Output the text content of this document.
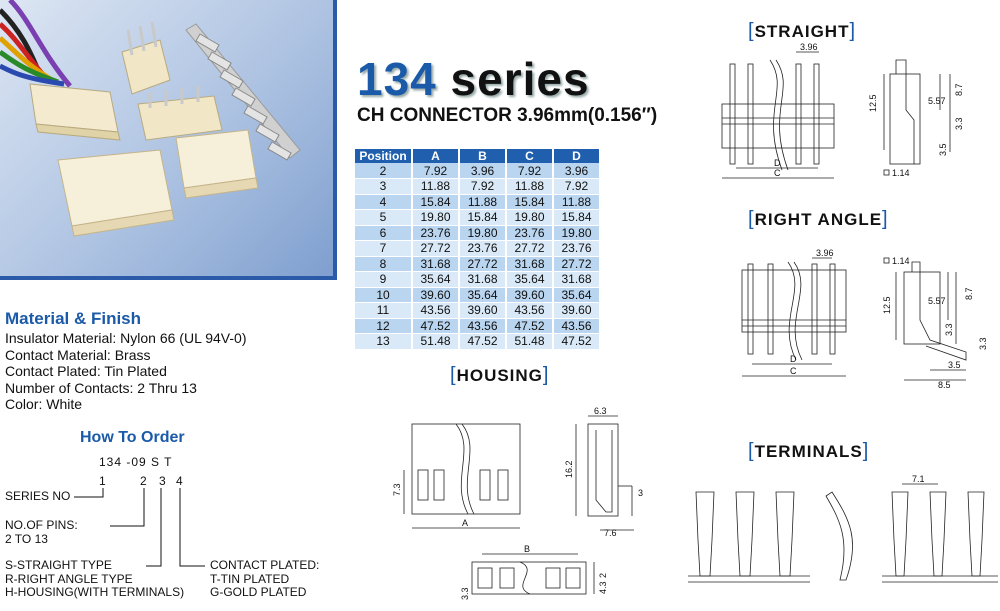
134 series
CH CONNECTOR 3.96mm(0.156″)
Position	A	B	C	D
2	7.92	3.96	7.92	3.96
3	11.88	7.92	11.88	7.92
4	15.84	11.88	15.84	11.88
5	19.80	15.84	19.80	15.84
6	23.76	19.80	23.76	19.80
7	27.72	23.76	27.72	23.76
8	31.68	27.72	31.68	27.72
9	35.64	31.68	35.64	31.68
10	39.60	35.64	39.60	35.64
11	43.56	39.60	43.56	39.60
12	47.52	43.56	47.52	43.56
13	51.48	47.52	51.48	47.52
Material & Finish
Insulator Material: Nylon 66 (UL 94V-0)
Contact Material: Brass
Contact Plated: Tin Plated
Number of Contacts: 2 Thru 13
Color: White
How To Order
134 -09 S T
1	2 3 4
SERIES NO
NO.OF PINS:
2 TO 13
S-STRAIGHT TYPE
R-RIGHT ANGLE TYPE
H-HOUSING(WITH TERMINALS)
CONTACT PLATED:
T-TIN PLATED
G-GOLD PLATED
[STRAIGHT]
[RIGHT ANGLE]
[HOUSING]
[TERMINALS]
3.96
12.5	5.57
8.7
3.3
3.5
D
C	1.14
3.96
1.14
12.5	5.57
8.7
3.3
3.3
3.5
8.5
D
C
6.3
16.2
3
7.3
A
7.6
B
2
4.3
3.3
7.1
